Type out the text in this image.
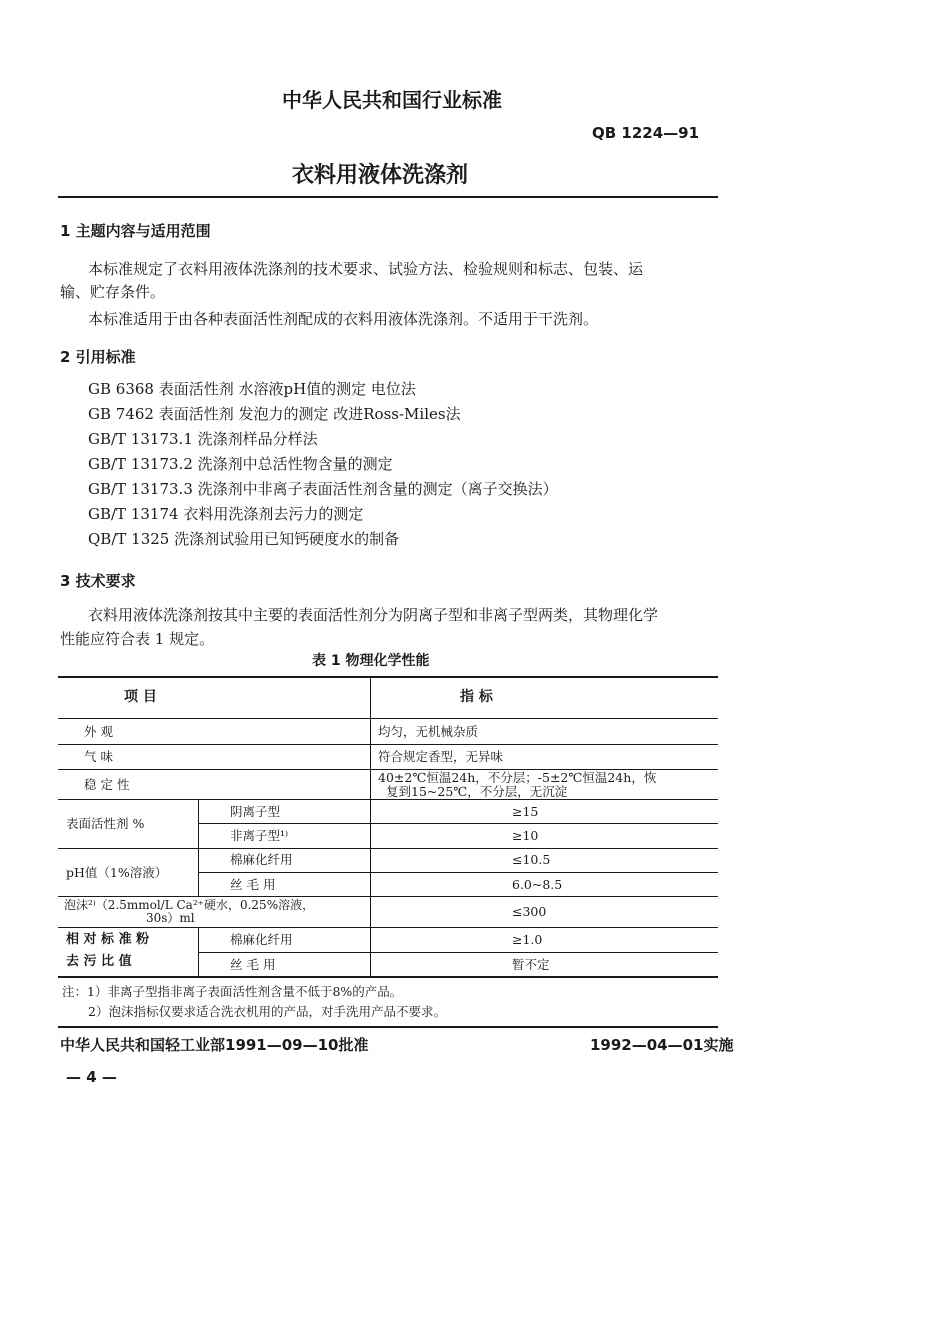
中华人民共和国行业标准
QB 1224—91
衣料用液体洗涤剂
1 主题内容与适用范围
本标准规定了衣料用液体洗涤剂的技术要求、试验方法、检验规则和标志、包装、运
输、贮存条件。
本标准适用于由各种表面活性剂配成的衣料用液体洗涤剂。不适用于干洗剂。
2 引用标准
GB 6368 表面活性剂 水溶液pH值的测定 电位法
GB 7462 表面活性剂 发泡力的测定 改进Ross-Miles法
GB/T 13173.1 洗涤剂样品分样法
GB/T 13173.2 洗涤剂中总活性物含量的测定
GB/T 13173.3 洗涤剂中非离子表面活性剂含量的测定（离子交换法）
GB/T 13174 衣料用洗涤剂去污力的测定
QB/T 1325 洗涤剂试验用已知钙硬度水的制备
3 技术要求
衣料用液体洗涤剂按其中主要的表面活性剂分为阴离子型和非离子型两类，其物理化学
性能应符合表 1 规定。
表 1 物理化学性能
项 目	指 标
外 观	均匀，无机械杂质
气 味	符合规定香型，无异味
稳 定 性	40±2℃恒温24h，不分层；-5±2℃恒温24h，恢
复到15~25℃，不分层，无沉淀
表面活性剂 %
阴离子型	≥15
非离子型¹⁾	≥10
pH值（1%溶液）
棉麻化纤用	≤10.5
丝 毛 用	6.0~8.5
泡沫²⁾（2.5mmol/L Ca²⁺硬水，0.25%溶液，
30s）ml	≤300
相 对 标 准 粉
去 污 比 值
棉麻化纤用	≥1.0
丝 毛 用	暂不定
注：1）非离子型指非离子表面活性剂含量不低于8%的产品。
2）泡沫指标仅要求适合洗衣机用的产品，对手洗用产品不要求。
中华人民共和国轻工业部1991—09—10批准	1992—04—01实施
— 4 —
